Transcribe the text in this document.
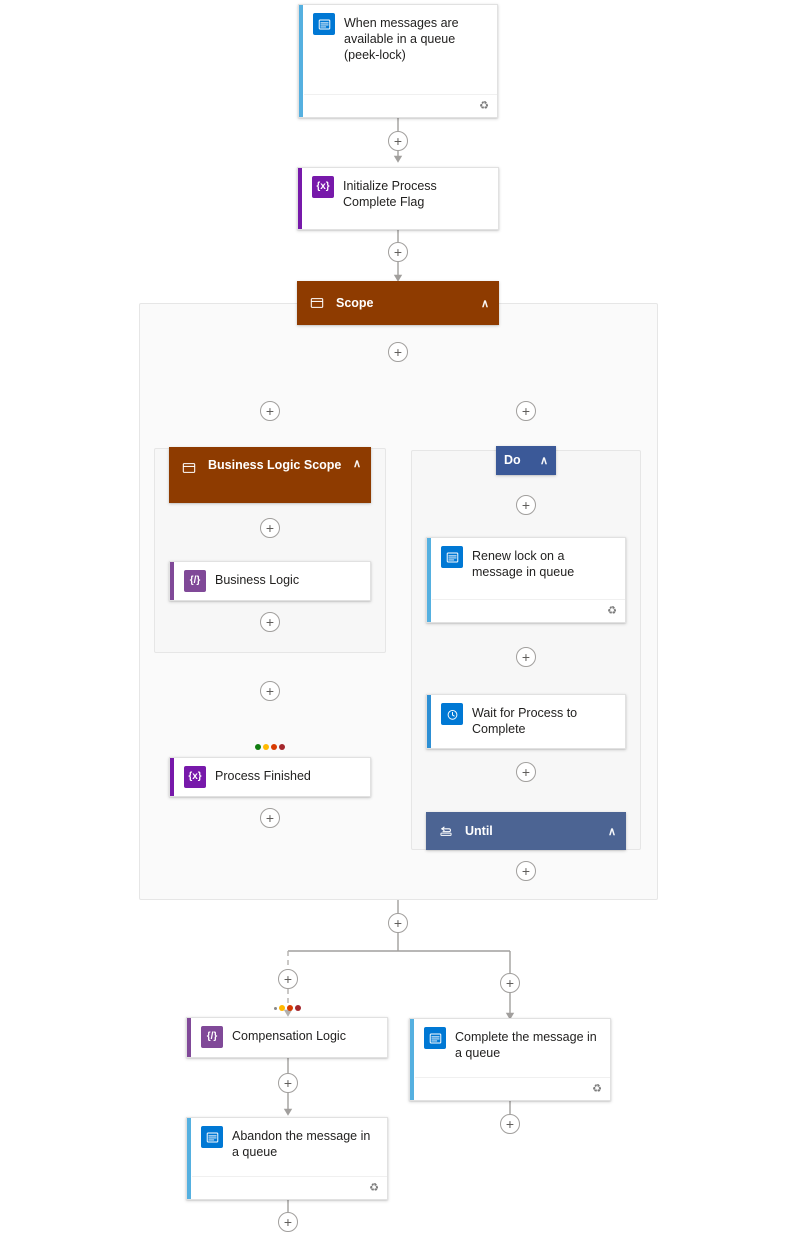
When messages are available in a queue (peek-lock)
♻
+
{x} Initialize Process Complete Flag
+
Scope	∧
+
+	+
Business Logic Scope	∧
+
{/} Business Logic
+
+
{x} Process Finished
+
Do	∧
+
Renew lock on a message in queue
♻
+
Wait for Process to Complete
+
Until	∧
+
+
+	+
{/} Compensation Logic
+
Abandon the message in a queue
♻
+
Complete the message in a queue
♻
+
